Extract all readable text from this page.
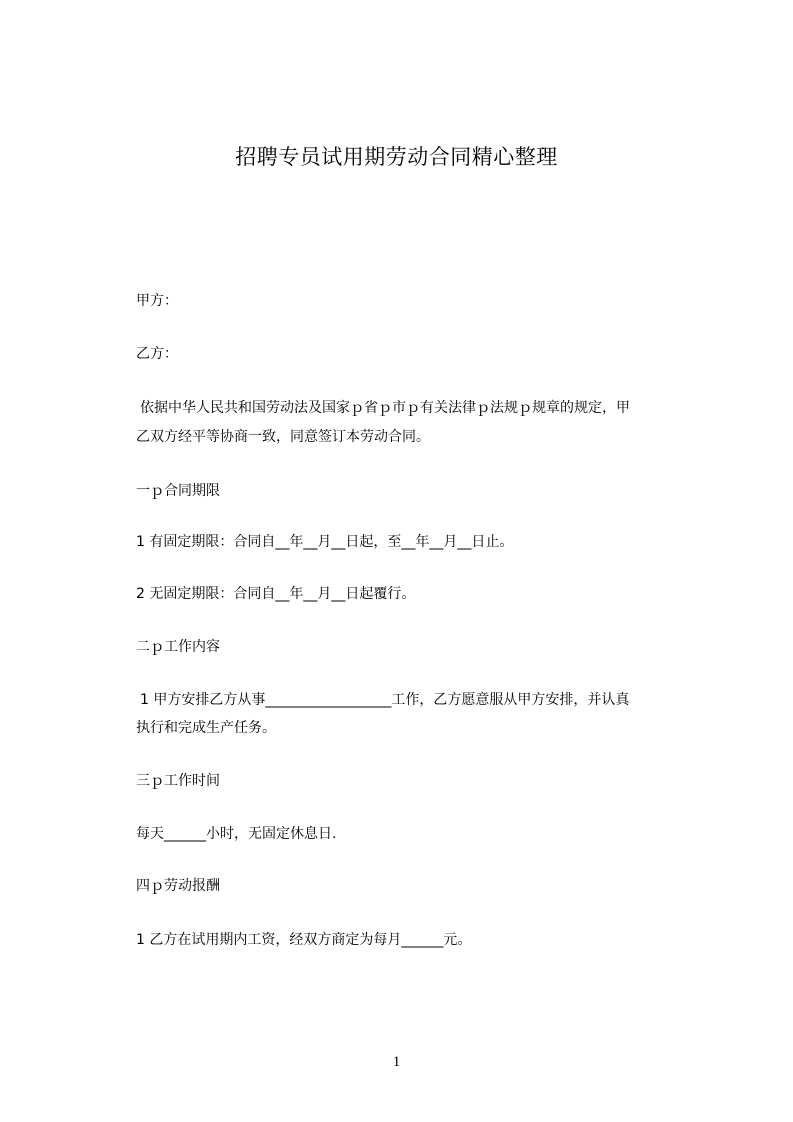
招聘专员试用期劳动合同精心整理
甲方：
乙方：
依据中华人民共和国劳动法及国家ｐ省ｐ市ｐ有关法律ｐ法规ｐ规章的规定，甲
乙双方经平等协商一致，同意签订本劳动合同。
一ｐ合同期限
1 有固定期限：合同自__年__月__日起，至__年__月__日止。
2 无固定期限：合同自__年__月__日起覆行。
二ｐ工作内容
1 甲方安排乙方从事__________________工作，乙方愿意服从甲方安排，并认真
执行和完成生产任务。
三ｐ工作时间
每天______小时，无固定休息日.
四ｐ劳动报酬
1 乙方在试用期内工资，经双方商定为每月______元。
1
